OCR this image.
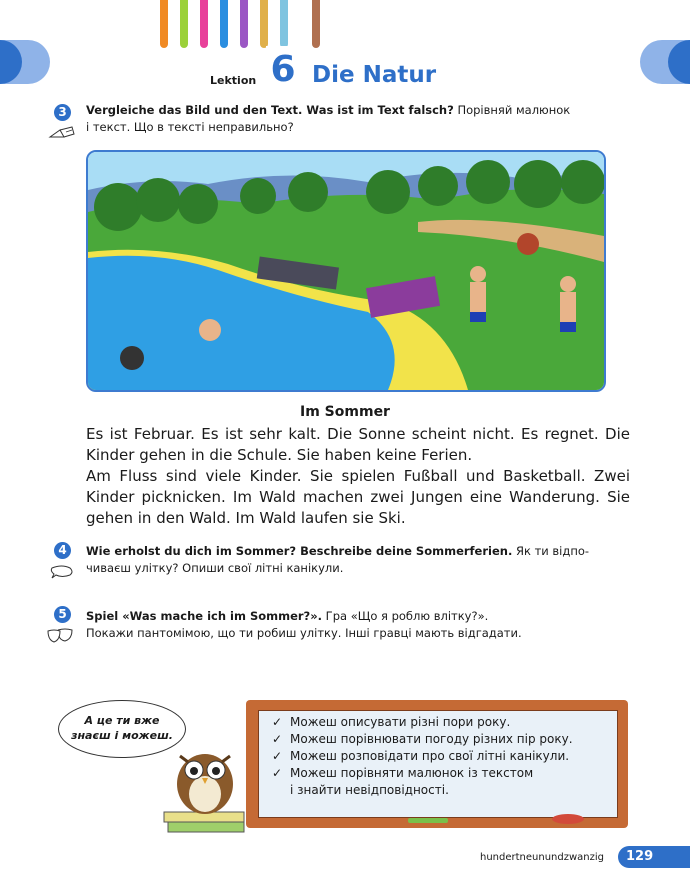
Lektion 6 Die Natur
3	Vergleiche das Bild und den Text. Was ist im Text falsch? Порівняй малюнок
і текст. Що в тексті неправильно?
Im Sommer
Es ist Februar. Es ist sehr kalt. Die Sonne scheint nicht. Es regnet. Die Kinder gehen in die Schule. Sie haben keine Ferien.
Am Fluss sind viele Kinder. Sie spielen Fußball und Basketball. Zwei Kinder picknicken. Im Wald machen zwei Jungen eine Wanderung. Sie gehen in den Wald. Im Wald laufen sie Ski.
4	Wie erholst du dich im Sommer? Beschreibe deine Sommerferien. Як ти відпо-
чиваєш улітку? Опиши свої літні канікули.
5	Spiel «Was mache ich im Sommer?». Гра «Що я роблю влітку?».
Покажи пантомімою, що ти робиш улітку. Інші гравці мають відгадати.
А це ти вже
знаєш і можеш.
✓ Можеш описувати різні пори року.
✓ Можеш порівнювати погоду різних пір року.
✓ Можеш розповідати про свої літні канікули.
✓ Можеш порівняти малюнок із текстом
і знайти невідповідності.
hundertneunundzwanzig	129
